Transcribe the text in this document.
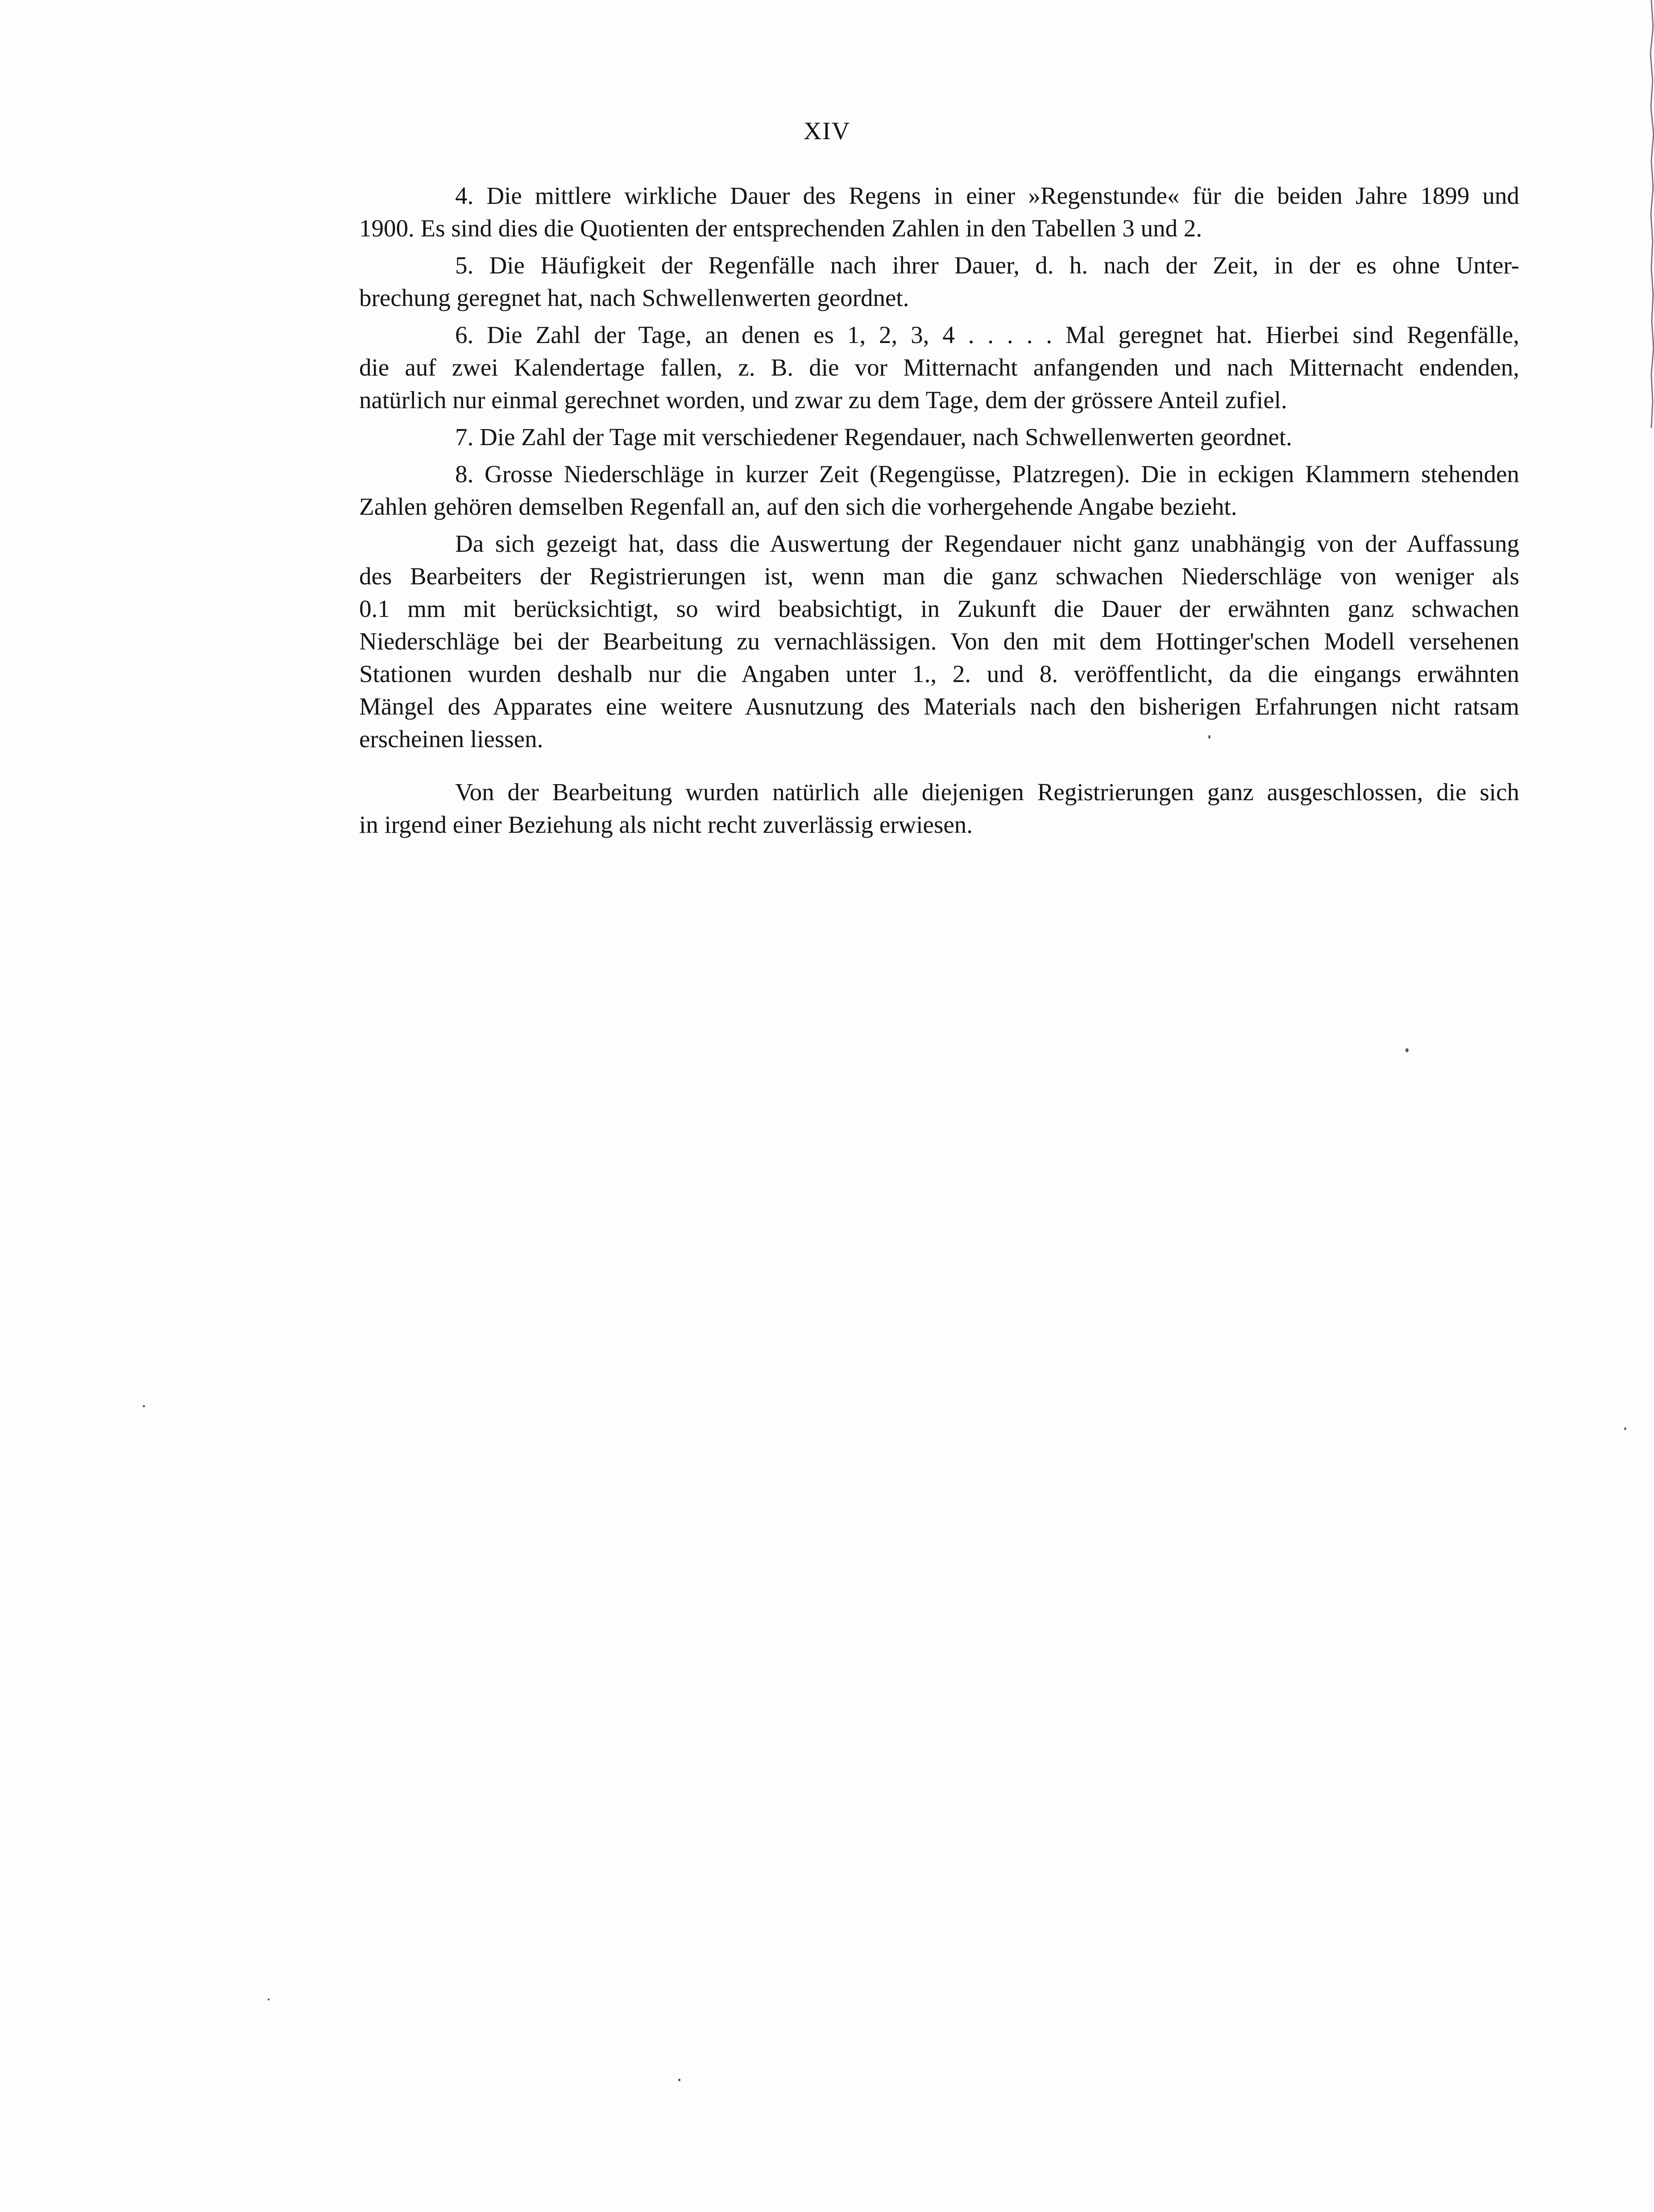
XIV
4. Die mittlere wirkliche Dauer des Regens in einer »Regenstunde« für die beiden Jahre 1899 und
1900. Es sind dies die Quotienten der entsprechenden Zahlen in den Tabellen 3 und 2.
5. Die Häufigkeit der Regenfälle nach ihrer Dauer, d. h. nach der Zeit, in der es ohne Unter-
brechung geregnet hat, nach Schwellenwerten geordnet.
6. Die Zahl der Tage, an denen es 1, 2, 3, 4 . . . . . Mal geregnet hat. Hierbei sind Regenfälle,
die auf zwei Kalendertage fallen, z. B. die vor Mitternacht anfangenden und nach Mitternacht endenden,
natürlich nur einmal gerechnet worden, und zwar zu dem Tage, dem der grössere Anteil zufiel.
7. Die Zahl der Tage mit verschiedener Regendauer, nach Schwellenwerten geordnet.
8. Grosse Niederschläge in kurzer Zeit (Regengüsse, Platzregen). Die in eckigen Klammern stehenden
Zahlen gehören demselben Regenfall an, auf den sich die vorhergehende Angabe bezieht.
Da sich gezeigt hat, dass die Auswertung der Regendauer nicht ganz unabhängig von der Auffassung
des Bearbeiters der Registrierungen ist, wenn man die ganz schwachen Niederschläge von weniger als
0.1 mm mit berücksichtigt, so wird beabsichtigt, in Zukunft die Dauer der erwähnten ganz schwachen
Niederschläge bei der Bearbeitung zu vernachlässigen. Von den mit dem Hottinger'schen Modell versehenen
Stationen wurden deshalb nur die Angaben unter 1., 2. und 8. veröffentlicht, da die eingangs erwähnten
Mängel des Apparates eine weitere Ausnutzung des Materials nach den bisherigen Erfahrungen nicht ratsam
erscheinen liessen.
Von der Bearbeitung wurden natürlich alle diejenigen Registrierungen ganz ausgeschlossen, die sich
in irgend einer Beziehung als nicht recht zuverlässig erwiesen.
